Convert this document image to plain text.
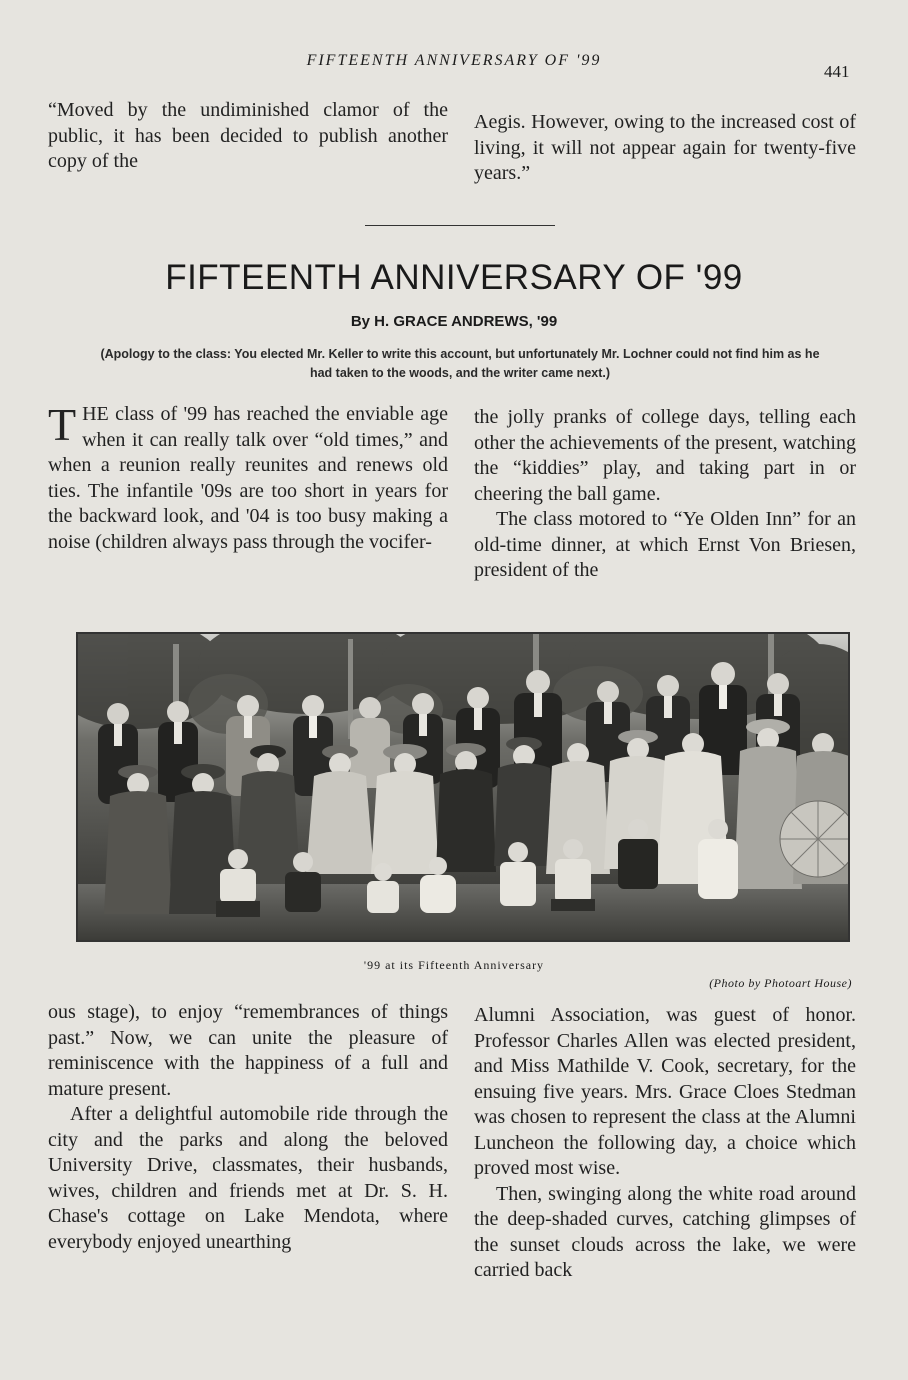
FIFTEENTH ANNIVERSARY OF '99
441

“Moved by the undiminished clamor of the public, it has been decided to publish another copy of the

Aegis. However, owing to the increased cost of living, it will not appear again for twenty-five years.”

FIFTEENTH ANNIVERSARY OF '99
By H. GRACE ANDREWS, '99
(Apology to the class: You elected Mr. Keller to write this account, but unfortunately Mr. Lochner could not find him as he had taken to the woods, and the writer came next.)

THE class of '99 has reached the enviable age when it can really talk over “old times,” and when a reunion really reunites and renews old ties. The infantile '09s are too short in years for the backward look, and '04 is too busy making a noise (children always pass through the vocifer-

the jolly pranks of college days, telling each other the achievements of the present, watching the “kiddies” play, and taking part in or cheering the ball game.

The class motored to “Ye Olden Inn” for an old-time dinner, at which Ernst Von Briesen, president of the

'99 at its Fifteenth Anniversary
(Photo by Photoart House)

ous stage), to enjoy “remembrances of things past.” Now, we can unite the pleasure of reminiscence with the happiness of a full and mature present.

After a delightful automobile ride through the city and the parks and along the beloved University Drive, classmates, their husbands, wives, children and friends met at Dr. S. H. Chase's cottage on Lake Mendota, where everybody enjoyed unearthing

Alumni Association, was guest of honor. Professor Charles Allen was elected president, and Miss Mathilde V. Cook, secretary, for the ensuing five years. Mrs. Grace Cloes Stedman was chosen to represent the class at the Alumni Luncheon the following day, a choice which proved most wise.

Then, swinging along the white road around the deep-shaded curves, catching glimpses of the sunset clouds across the lake, we were carried back
